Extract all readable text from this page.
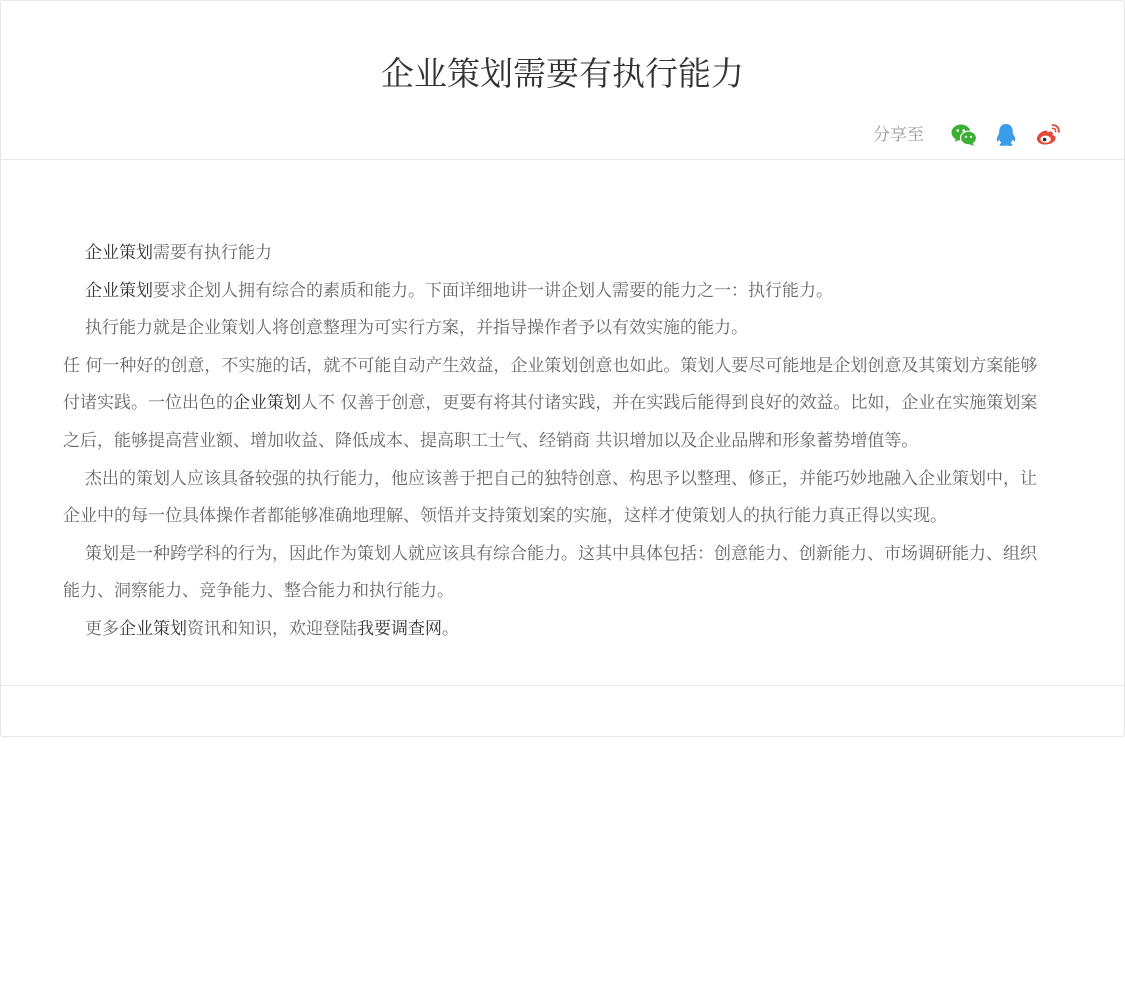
企业策划需要有执行能力
分享至

企业策划需要有执行能力

企业策划要求企划人拥有综合的素质和能力。下面详细地讲一讲企划人需要的能力之一：执行能力。

执行能力就是企业策划人将创意整理为可实行方案，并指导操作者予以有效实施的能力。

任 何一种好的创意，不实施的话，就不可能自动产生效益，企业策划创意也如此。策划人要尽可能地是企划创意及其策划方案能够付诸实践。一位出色的企业策划人不 仅善于创意，更要有将其付诸实践，并在实践后能得到良好的效益。比如，企业在实施策划案之后，能够提高营业额、增加收益、降低成本、提高职工士气、经销商 共识增加以及企业品牌和形象蓄势增值等。

杰出的策划人应该具备较强的执行能力，他应该善于把自己的独特创意、构思予以整理、修正，并能巧妙地融入企业策划中，让企业中的每一位具体操作者都能够准确地理解、领悟并支持策划案的实施，这样才使策划人的执行能力真正得以实现。

策划是一种跨学科的行为，因此作为策划人就应该具有综合能力。这其中具体包括：创意能力、创新能力、市场调研能力、组织能力、洞察能力、竞争能力、整合能力和执行能力。

更多企业策划资讯和知识，欢迎登陆我要调查网。
